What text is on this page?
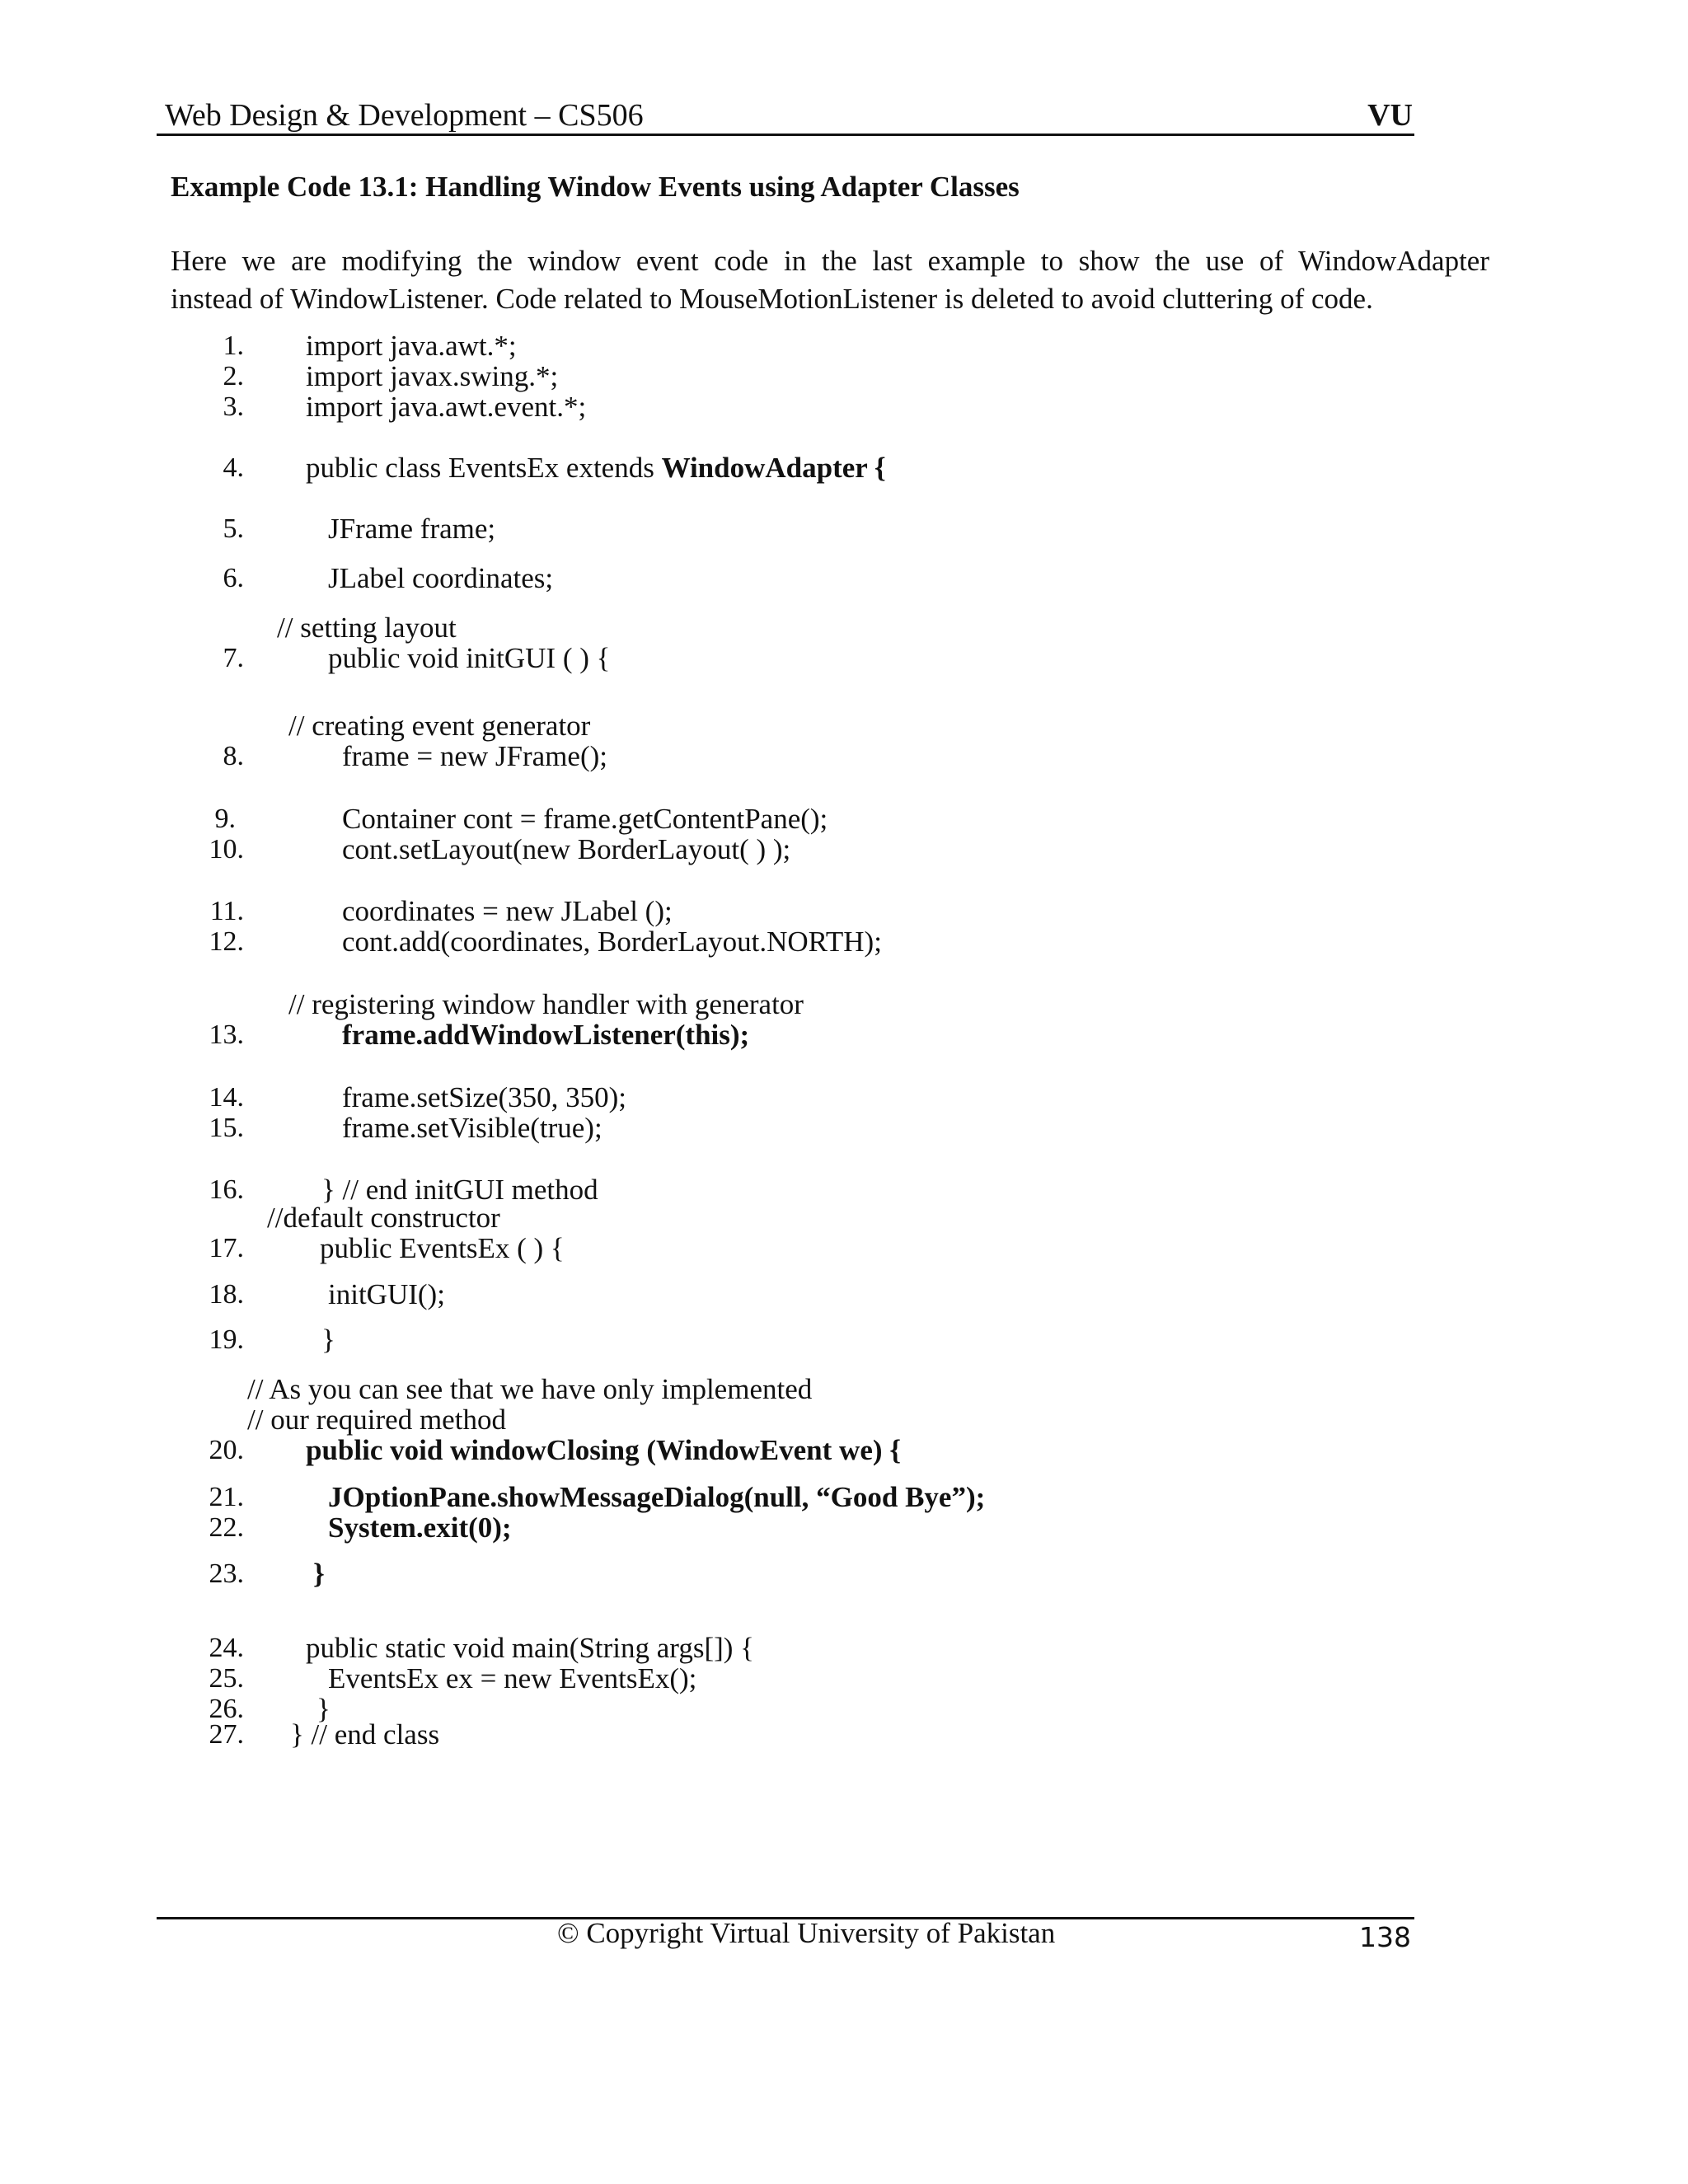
Web Design & Development – CS506	VU
Example Code 13.1: Handling Window Events using Adapter Classes
Here we are modifying the window event code in the last example to show the use of WindowAdapter
instead of WindowListener. Code related to MouseMotionListener is deleted to avoid cluttering of code.
1. import java.awt.*;
2. import javax.swing.*;
3. import java.awt.event.*;
4. public class EventsEx extends WindowAdapter {
5.	JFrame frame;
6.	JLabel coordinates;
// setting layout
7.	public void initGUI ( ) {
// creating event generator
8.	frame = new JFrame();
9.	Container cont = frame.getContentPane();
10.	cont.setLayout(new BorderLayout( ) );
11.	coordinates = new JLabel ();
12.	cont.add(coordinates, BorderLayout.NORTH);
// registering window handler with generator
13.	frame.addWindowListener(this);
14.	frame.setSize(350, 350);
15.	frame.setVisible(true);
16.	} // end initGUI method
//default constructor
17.	public EventsEx ( ) {
18.	initGUI();
19.	}
// As you can see that we have only implemented
// our required method
20. public void windowClosing (WindowEvent we) {
21.	JOptionPane.showMessageDialog(null, “Good Bye”);
22.	System.exit(0);
23. }
24. public static void main(String args[]) {
25.	EventsEx ex = new EventsEx();
26.	}
27. } // end class
© Copyright Virtual University of Pakistan	138
